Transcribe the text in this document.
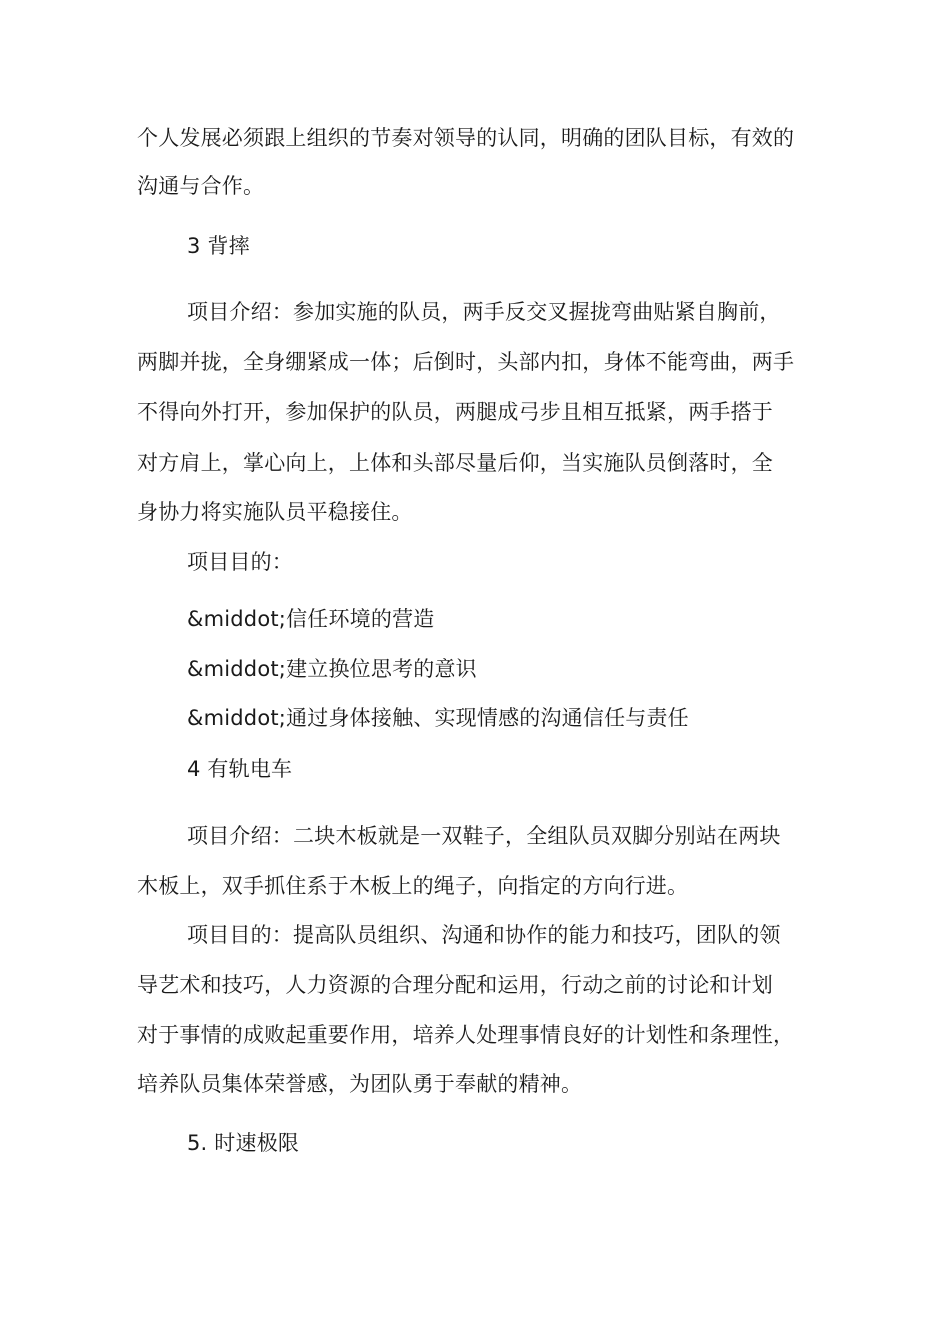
个人发展必须跟上组织的节奏对领导的认同，明确的团队目标，有效的
沟通与合作。
3 背摔
项目介绍：参加实施的队员，两手反交叉握拢弯曲贴紧自胸前，
两脚并拢，全身绷紧成一体；后倒时，头部内扣，身体不能弯曲，两手
不得向外打开，参加保护的队员，两腿成弓步且相互抵紧，两手搭于
对方肩上，掌心向上，上体和头部尽量后仰，当实施队员倒落时，全
身协力将实施队员平稳接住。
项目目的：
&middot;信任环境的营造
&middot;建立换位思考的意识
&middot;通过身体接触、实现情感的沟通信任与责任
4 有轨电车
项目介绍：二块木板就是一双鞋子，全组队员双脚分别站在两块
木板上，双手抓住系于木板上的绳子，向指定的方向行进。
项目目的：提高队员组织、沟通和协作的能力和技巧，团队的领
导艺术和技巧，人力资源的合理分配和运用，行动之前的讨论和计划
对于事情的成败起重要作用，培养人处理事情良好的计划性和条理性，
培养队员集体荣誉感，为团队勇于奉献的精神。
5. 时速极限
